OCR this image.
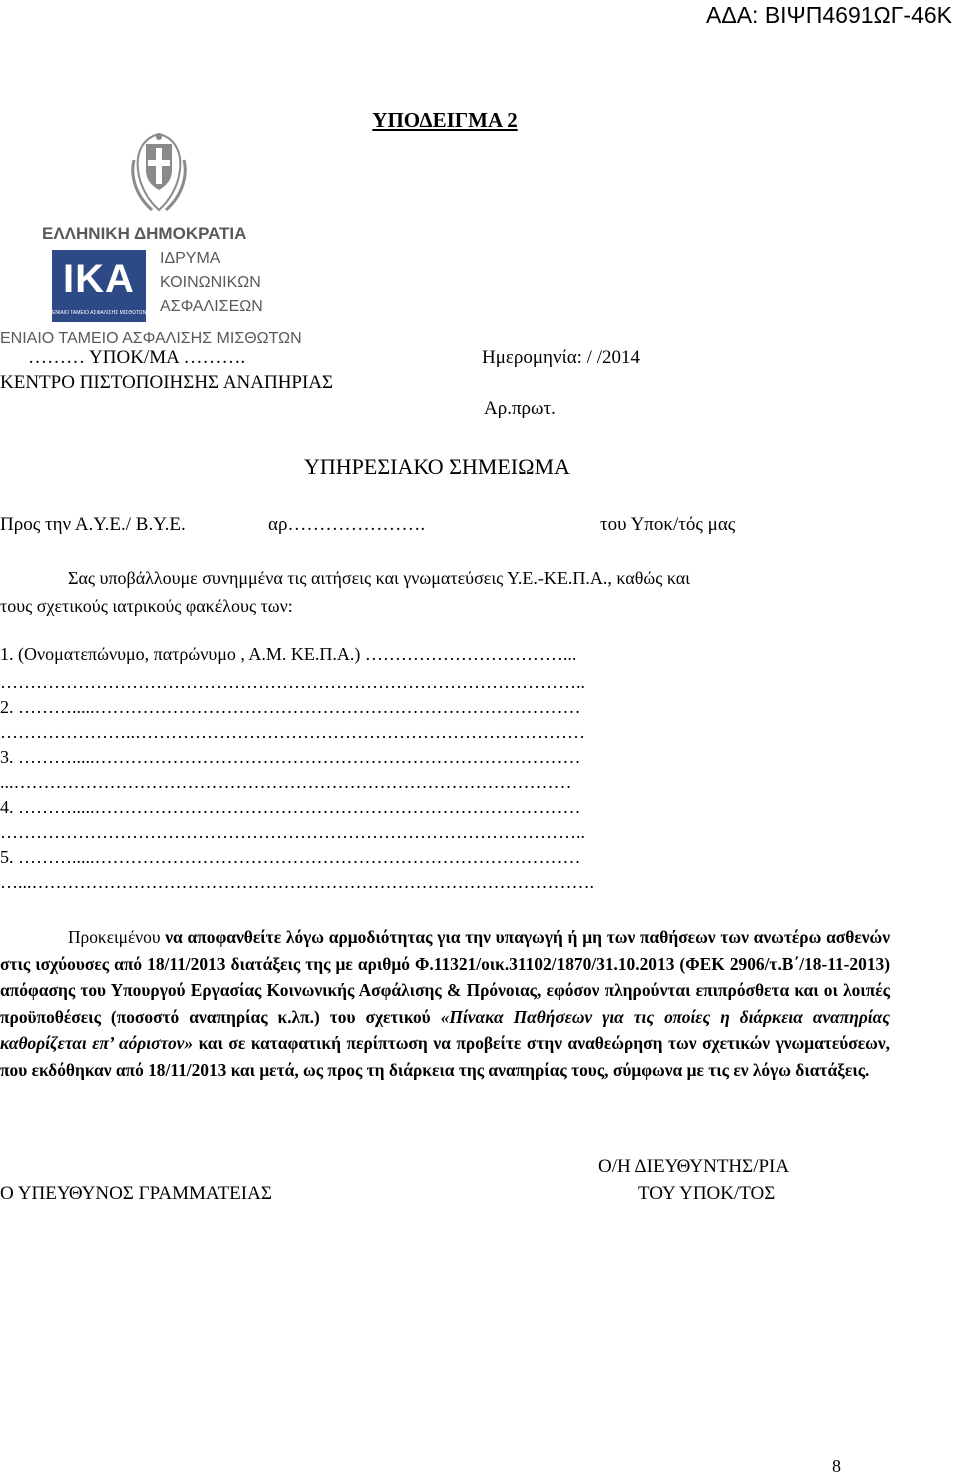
ΑΔΑ: ΒΙΨΠ4691ΩΓ-46Κ
ΥΠΟΔΕΙΓΜΑ 2
ΕΛΛΗΝΙΚΗ ΔΗΜΟΚΡΑΤΙΑ
ΙΔΡΥΜΑ
ΚΟΙΝΩΝΙΚΩΝ
ΑΣΦΑΛΙΣΕΩΝ
ΙΚΑ
ΕΝΙΑΙΟ ΤΑΜΕΙΟ ΑΣΦΑΛΙΣΗΣ ΜΙΣΘΩΤΩΝ
ΕΝΙΑΙΟ ΤΑΜΕΙΟ ΑΣΦΑΛΙΣΗΣ ΜΙΣΘΩΤΩΝ
……… ΥΠΟΚ/ΜΑ ……….	Ημερομηνία: / /2014
ΚΕΝΤΡΟ ΠΙΣΤΟΠΟΙΗΣΗΣ ΑΝΑΠΗΡΙΑΣ
Αρ.πρωτ.
ΥΠΗΡΕΣΙΑΚΟ ΣΗΜΕΙΩΜΑ
Προς την Α.Υ.Ε./ Β.Υ.Ε.	αρ………………….	του Υποκ/τός μας
Σας υποβάλλουμε συνημμένα τις αιτήσεις και γνωματεύσεις Υ.Ε.-ΚΕ.Π.Α., καθώς και
τους σχετικούς ιατρικούς φακέλους των:
1. (Ονοματεπώνυμο, πατρώνυμο , Α.Μ. ΚΕ.Π.Α.) ……………………………...
……………………………………………………………………………………..
2. ……….....………………………………………………………………………
…………………..…………………………………………………………………
3. ……….....………………………………………………………………………
...…………………………………………………………………………………
4. ……….....………………………………………………………………………
……………………………………………………………………………………..
5. ……….....………………………………………………………………………
…...………………………………………………………………………………….
Προκειμένου να αποφανθείτε λόγω αρμοδιότητας για την υπαγωγή ή μη των παθήσεων των ανωτέρω ασθενών στις ισχύουσες από 18/11/2013 διατάξεις της με αριθμό Φ.11321/οικ.31102/1870/31.10.2013 (ΦΕΚ 2906/τ.Β΄/18-11-2013) απόφασης του Υπουργού Εργασίας Κοινωνικής Ασφάλισης & Πρόνοιας, εφόσον πληρούνται επιπρόσθετα και οι λοιπές προϋποθέσεις (ποσοστό αναπηρίας κ.λπ.) του σχετικού «Πίνακα Παθήσεων για τις οποίες η διάρκεια αναπηρίας καθορίζεται επ’ αόριστον» και σε καταφατική περίπτωση να προβείτε στην αναθεώρηση των σχετικών γνωματεύσεων, που εκδόθηκαν από 18/11/2013 και μετά, ως προς τη διάρκεια της αναπηρίας τους, σύμφωνα με τις εν λόγω διατάξεις.
Ο/Η ΔΙΕΥΘΥΝΤΗΣ/ΡΙΑ
Ο ΥΠΕΥΘΥΝΟΣ ΓΡΑΜΜΑΤΕΙΑΣ	ΤΟΥ ΥΠΟΚ/ΤΟΣ
8
